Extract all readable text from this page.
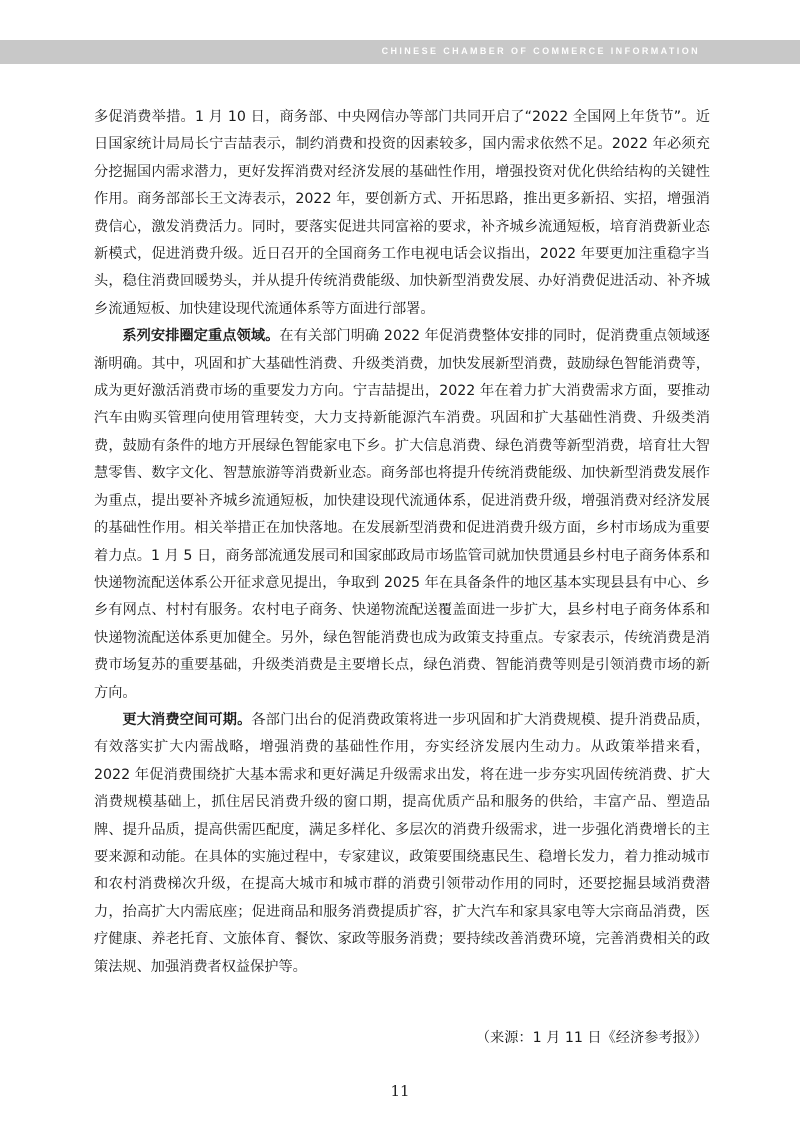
CHINESE CHAMBER OF COMMERCE INFORMATION

多促消费举措。1 月 10 日，商务部、中央网信办等部门共同开启了“2022 全国网上年货节”。近日国家统计局局长宁吉喆表示，制约消费和投资的因素较多，国内需求依然不足。2022 年必须充分挖掘国内需求潜力，更好发挥消费对经济发展的基础性作用，增强投资对优化供给结构的关键性作用。商务部部长王文涛表示，2022 年，要创新方式、开拓思路，推出更多新招、实招，增强消费信心，激发消费活力。同时，要落实促进共同富裕的要求，补齐城乡流通短板，培育消费新业态新模式，促进消费升级。近日召开的全国商务工作电视电话会议指出，2022 年要更加注重稳字当头，稳住消费回暖势头，并从提升传统消费能级、加快新型消费发展、办好消费促进活动、补齐城乡流通短板、加快建设现代流通体系等方面进行部署。

系列安排圈定重点领域。在有关部门明确 2022 年促消费整体安排的同时，促消费重点领域逐渐明确。其中，巩固和扩大基础性消费、升级类消费，加快发展新型消费，鼓励绿色智能消费等，成为更好激活消费市场的重要发力方向。宁吉喆提出，2022 年在着力扩大消费需求方面，要推动汽车由购买管理向使用管理转变，大力支持新能源汽车消费。巩固和扩大基础性消费、升级类消费，鼓励有条件的地方开展绿色智能家电下乡。扩大信息消费、绿色消费等新型消费，培育壮大智慧零售、数字文化、智慧旅游等消费新业态。商务部也将提升传统消费能级、加快新型消费发展作为重点，提出要补齐城乡流通短板，加快建设现代流通体系，促进消费升级，增强消费对经济发展的基础性作用。相关举措正在加快落地。在发展新型消费和促进消费升级方面，乡村市场成为重要着力点。1 月 5 日，商务部流通发展司和国家邮政局市场监管司就加快贯通县乡村电子商务体系和快递物流配送体系公开征求意见提出，争取到 2025 年在具备条件的地区基本实现县县有中心、乡乡有网点、村村有服务。农村电子商务、快递物流配送覆盖面进一步扩大，县乡村电子商务体系和快递物流配送体系更加健全。另外，绿色智能消费也成为政策支持重点。专家表示，传统消费是消费市场复苏的重要基础，升级类消费是主要增长点，绿色消费、智能消费等则是引领消费市场的新方向。

更大消费空间可期。各部门出台的促消费政策将进一步巩固和扩大消费规模、提升消费品质，有效落实扩大内需战略，增强消费的基础性作用，夯实经济发展内生动力。从政策举措来看，2022 年促消费围绕扩大基本需求和更好满足升级需求出发，将在进一步夯实巩固传统消费、扩大消费规模基础上，抓住居民消费升级的窗口期，提高优质产品和服务的供给，丰富产品、塑造品牌、提升品质，提高供需匹配度，满足多样化、多层次的消费升级需求，进一步强化消费增长的主要来源和动能。在具体的实施过程中，专家建议，政策要围绕惠民生、稳增长发力，着力推动城市和农村消费梯次升级，在提高大城市和城市群的消费引领带动作用的同时，还要挖掘县域消费潜力，抬高扩大内需底座；促进商品和服务消费提质扩容，扩大汽车和家具家电等大宗商品消费，医疗健康、养老托育、文旅体育、餐饮、家政等服务消费；要持续改善消费环境，完善消费相关的政策法规、加强消费者权益保护等。

（来源：1 月 11 日《经济参考报》）
11
